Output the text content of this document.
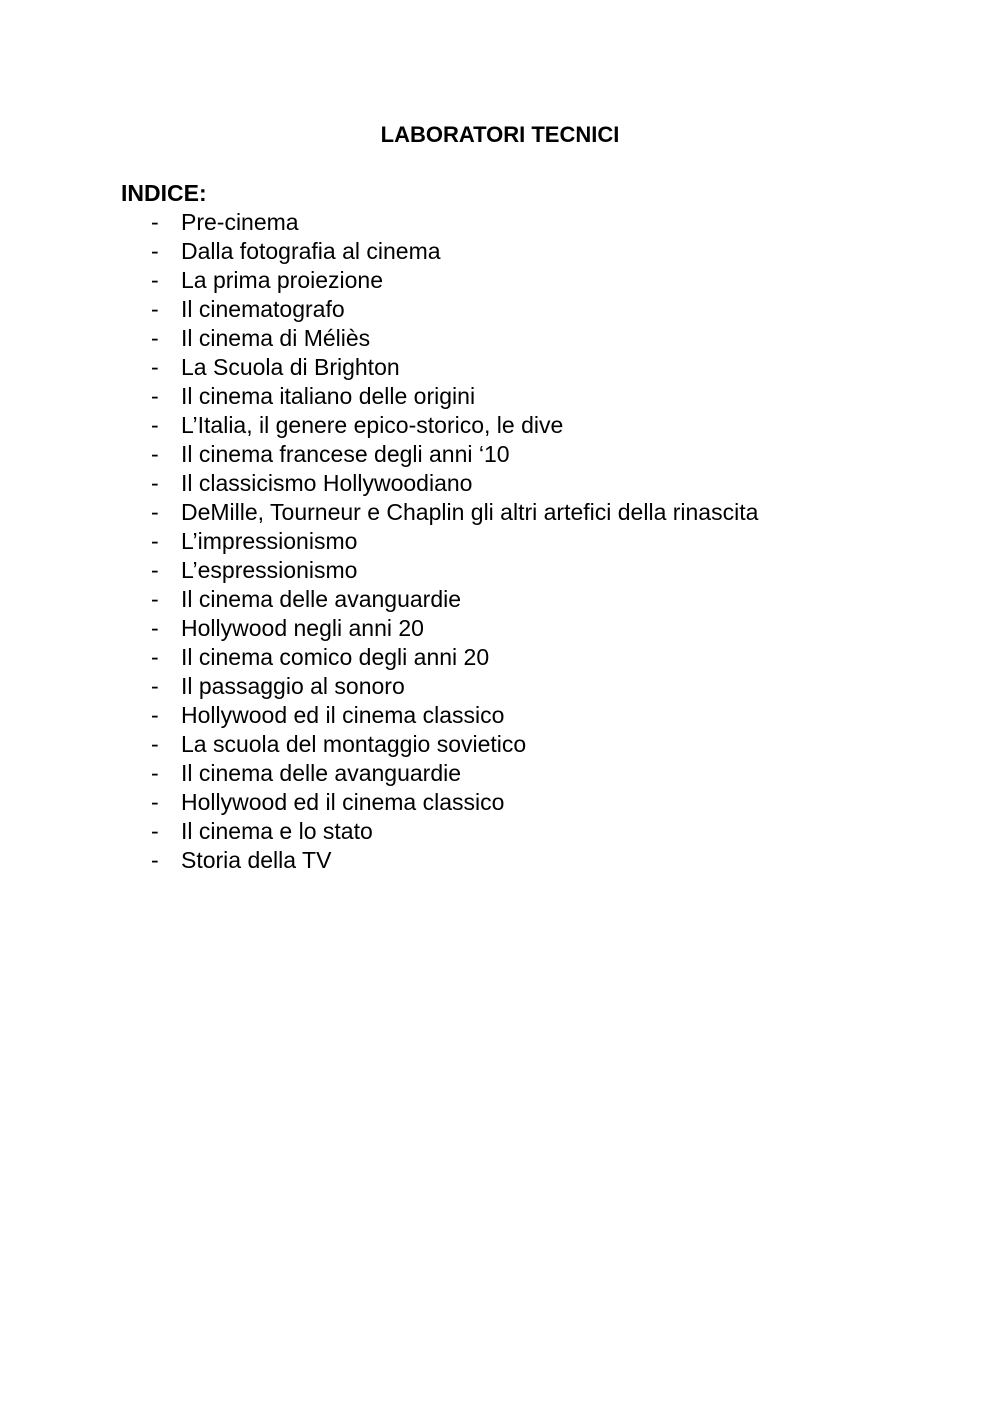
LABORATORI TECNICI
INDICE:
- Pre-cinema
- Dalla fotografia al cinema
- La prima proiezione
- Il cinematografo
- Il cinema di Méliès
- La Scuola di Brighton
- Il cinema italiano delle origini
- L’Italia, il genere epico-storico, le dive
- Il cinema francese degli anni ‘10
- Il classicismo Hollywoodiano
- DeMille, Tourneur e Chaplin gli altri artefici della rinascita
- L’impressionismo
- L’espressionismo
- Il cinema delle avanguardie
- Hollywood negli anni 20
- Il cinema comico degli anni 20
- Il passaggio al sonoro
- Hollywood ed il cinema classico
- La scuola del montaggio sovietico
- Il cinema delle avanguardie
- Hollywood ed il cinema classico
- Il cinema e lo stato
- Storia della TV
